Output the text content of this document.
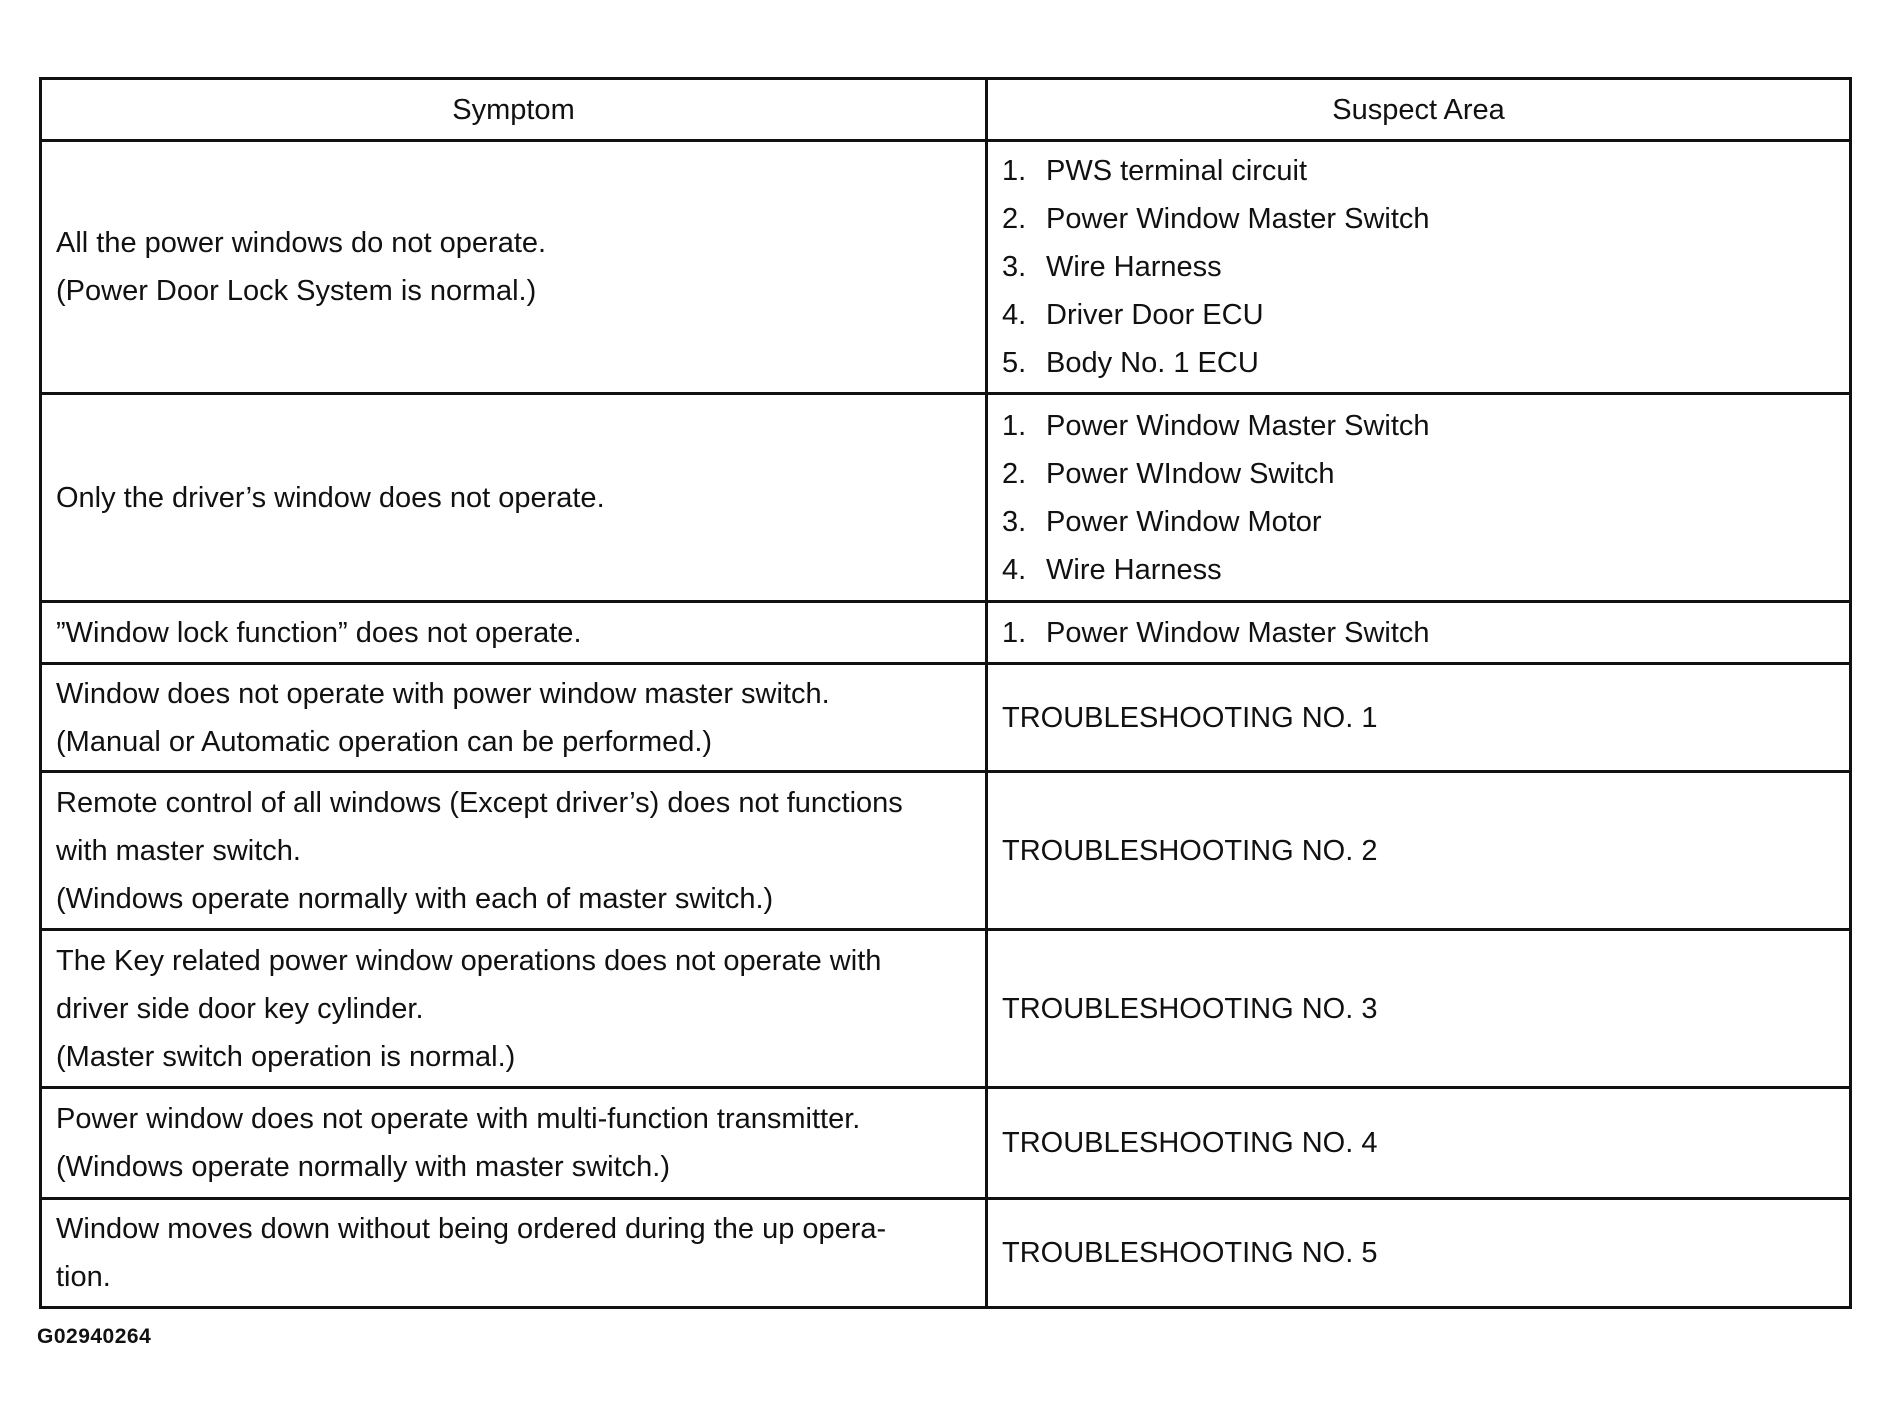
Symptom	Suspect Area

All the power windows do not operate.
(Power Door Lock System is normal.)	1. PWS terminal circuit
2. Power Window Master Switch
3. Wire Harness
4. Driver Door ECU
5. Body No. 1 ECU

Only the driver’s window does not operate.	1. Power Window Master Switch
2. Power WIndow Switch
3. Power Window Motor
4. Wire Harness

”Window lock function” does not operate.	1. Power Window Master Switch

Window does not operate with power window master switch.
(Manual or Automatic operation can be performed.)	TROUBLESHOOTING NO. 1

Remote control of all windows (Except driver’s) does not functions
with master switch.
(Windows operate normally with each of master switch.)	TROUBLESHOOTING NO. 2

The Key related power window operations does not operate with
driver side door key cylinder.
(Master switch operation is normal.)	TROUBLESHOOTING NO. 3

Power window does not operate with multi-function transmitter.
(Windows operate normally with master switch.)	TROUBLESHOOTING NO. 4

Window moves down without being ordered during the up opera-
tion.	TROUBLESHOOTING NO. 5
G02940264
